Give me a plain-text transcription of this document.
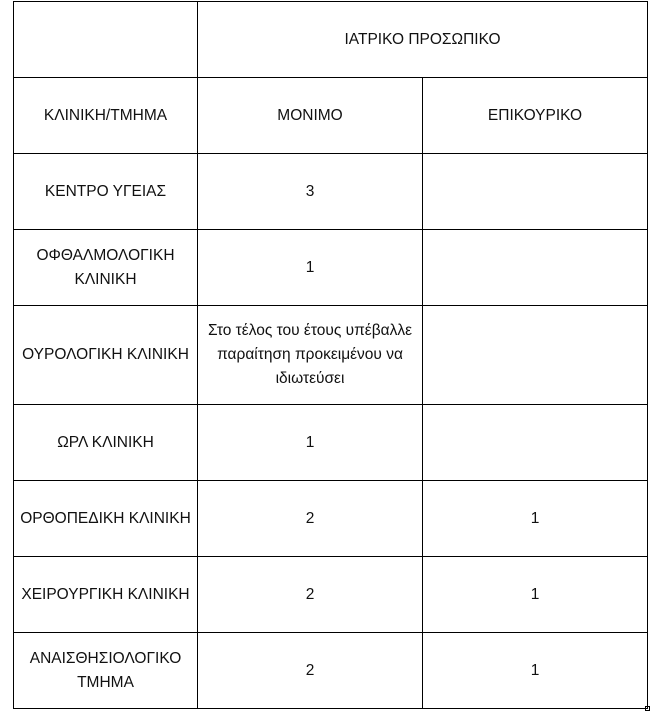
	ΙΑΤΡΙΚΟ ΠΡΟΣΩΠΙΚΟ	
ΚΛΙΝΙΚΗ/ΤΜΗΜΑ	ΜΟΝΙΜΟ	ΕΠΙΚΟΥΡΙΚΟ
ΚΕΝΤΡΟ ΥΓΕΙΑΣ	3	
ΟΦΘΑΛΜΟΛΟΓΙΚΗ ΚΛΙΝΙΚΗ	1	
ΟΥΡΟΛΟΓΙΚΗ ΚΛΙΝΙΚΗ	Στο τέλος του έτους υπέβαλλε παραίτηση προκειμένου να ιδιωτεύσει	
ΩΡΛ ΚΛΙΝΙΚΗ	1	
ΟΡΘΟΠΕΔΙΚΗ ΚΛΙΝΙΚΗ	2	1
ΧΕΙΡΟΥΡΓΙΚΗ ΚΛΙΝΙΚΗ	2	1
ΑΝΑΙΣΘΗΣΙΟΛΟΓΙΚΟ ΤΜΗΜΑ	2	1
